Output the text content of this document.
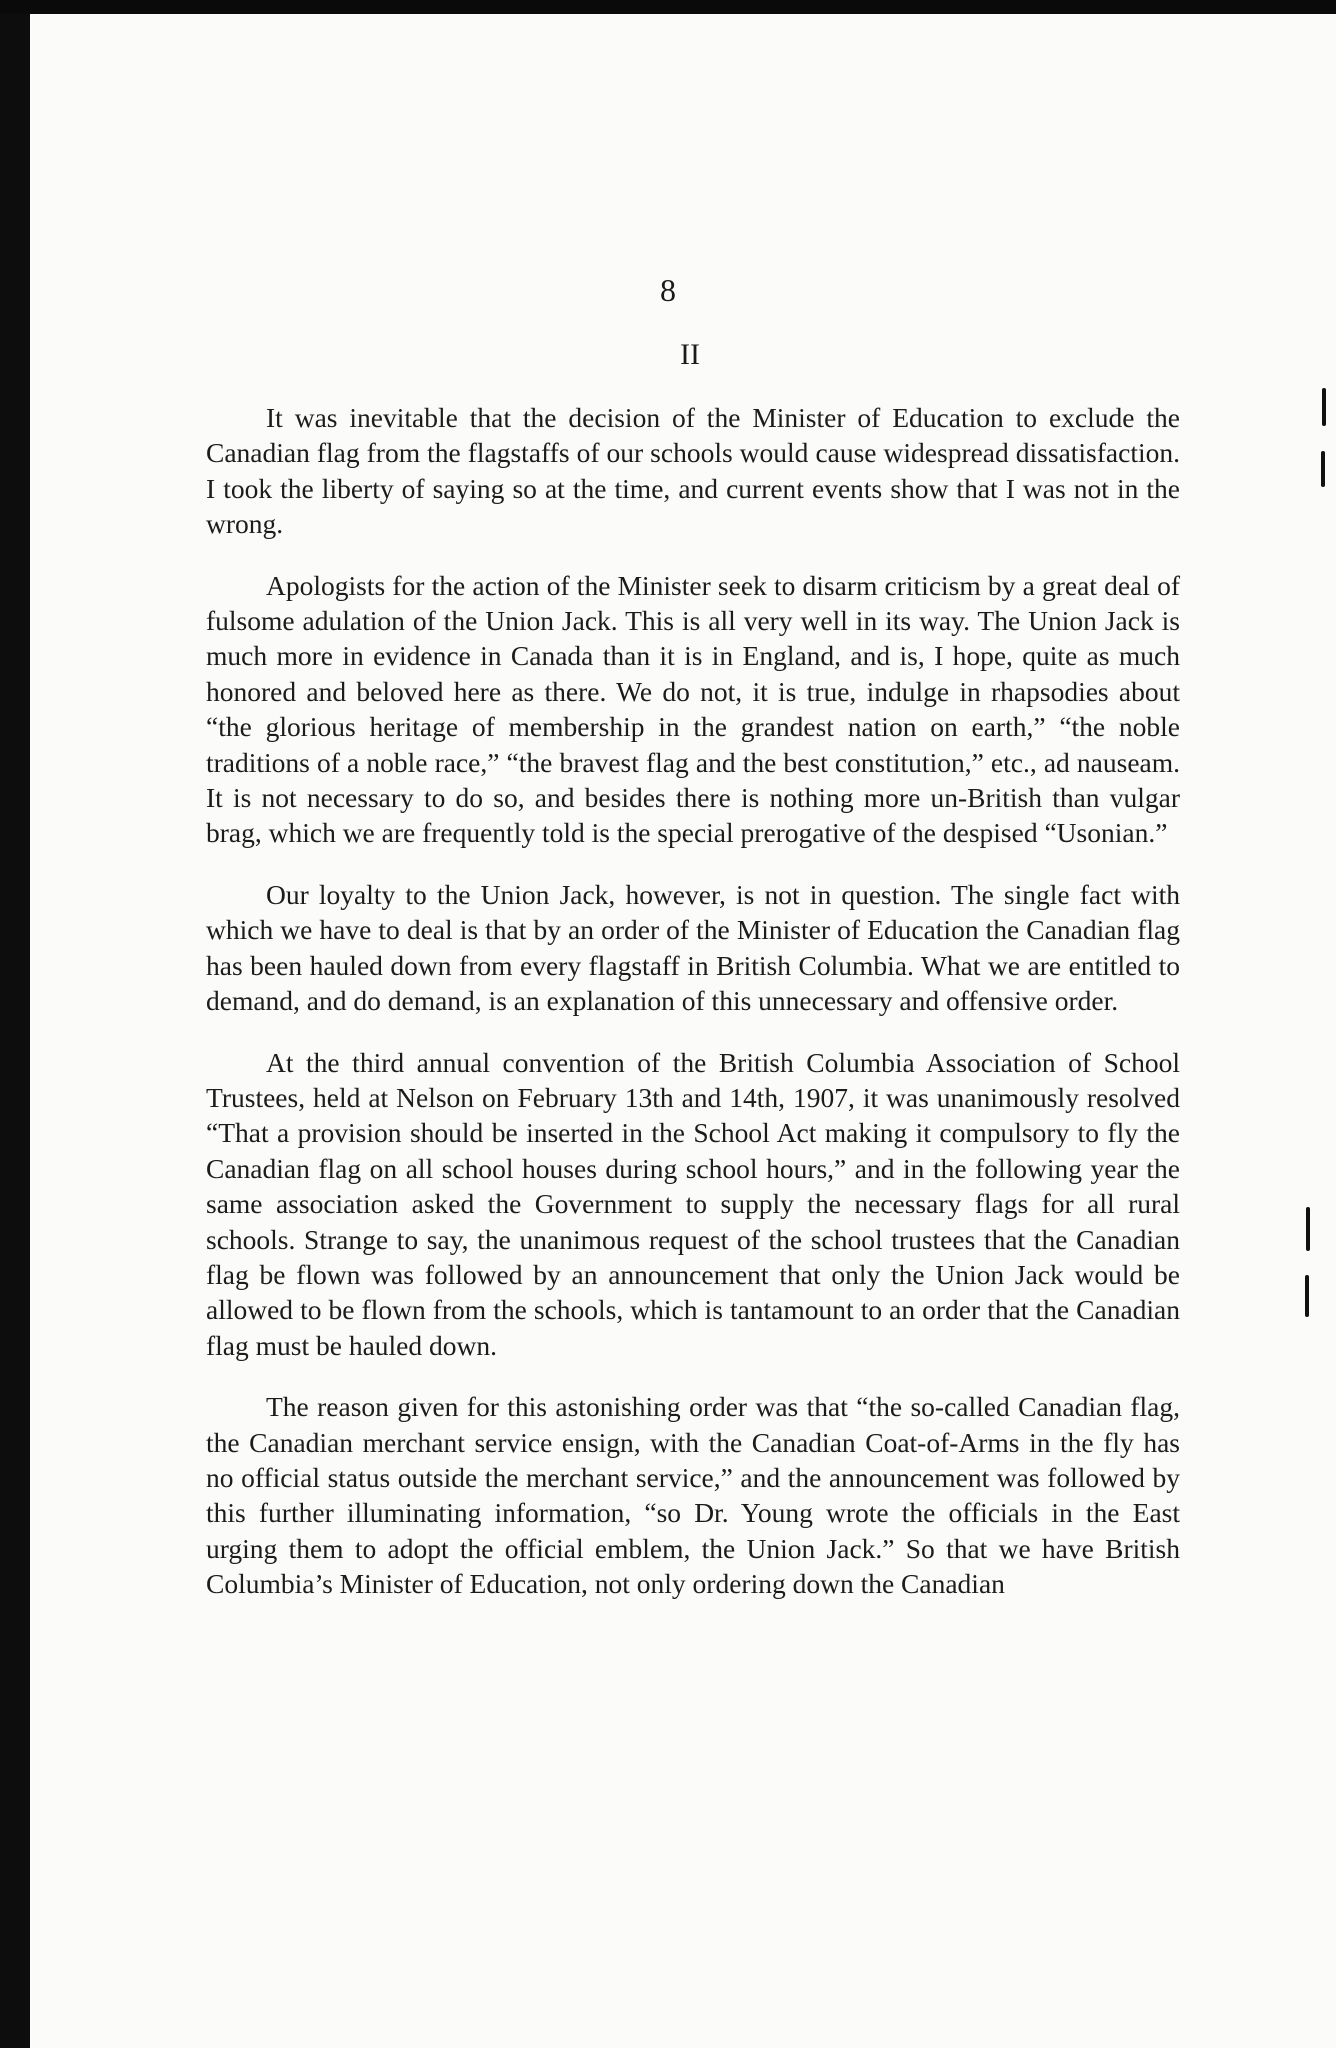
8
II

It was inevitable that the decision of the Minister of Education to exclude the Canadian flag from the flagstaffs of our schools would cause widespread dissatisfaction. I took the liberty of saying so at the time, and current events show that I was not in the wrong.

Apologists for the action of the Minister seek to disarm criticism by a great deal of fulsome adulation of the Union Jack. This is all very well in its way. The Union Jack is much more in evidence in Canada than it is in England, and is, I hope, quite as much honored and beloved here as there. We do not, it is true, indulge in rhapsodies about “the glorious heritage of membership in the grandest nation on earth,” “the noble traditions of a noble race,” “the bravest flag and the best constitution,” etc., ad nauseam. It is not necessary to do so, and besides there is nothing more un-British than vulgar brag, which we are frequently told is the special prerogative of the despised “Usonian.”

Our loyalty to the Union Jack, however, is not in question. The single fact with which we have to deal is that by an order of the Minister of Education the Canadian flag has been hauled down from every flagstaff in British Columbia. What we are entitled to demand, and do demand, is an explanation of this unnecessary and offensive order.

At the third annual convention of the British Columbia Association of School Trustees, held at Nelson on February 13th and 14th, 1907, it was unanimously resolved “That a provision should be inserted in the School Act making it compulsory to fly the Canadian flag on all school houses during school hours,” and in the following year the same association asked the Government to supply the necessary flags for all rural schools. Strange to say, the unanimous request of the school trustees that the Canadian flag be flown was followed by an announcement that only the Union Jack would be allowed to be flown from the schools, which is tantamount to an order that the Canadian flag must be hauled down.

The reason given for this astonishing order was that “the so-called Canadian flag, the Canadian merchant service ensign, with the Canadian Coat-of-Arms in the fly has no official status outside the merchant service,” and the announcement was followed by this further illuminating information, “so Dr. Young wrote the officials in the East urging them to adopt the official emblem, the Union Jack.” So that we have British Columbia’s Minister of Education, not only ordering down the Canadian
